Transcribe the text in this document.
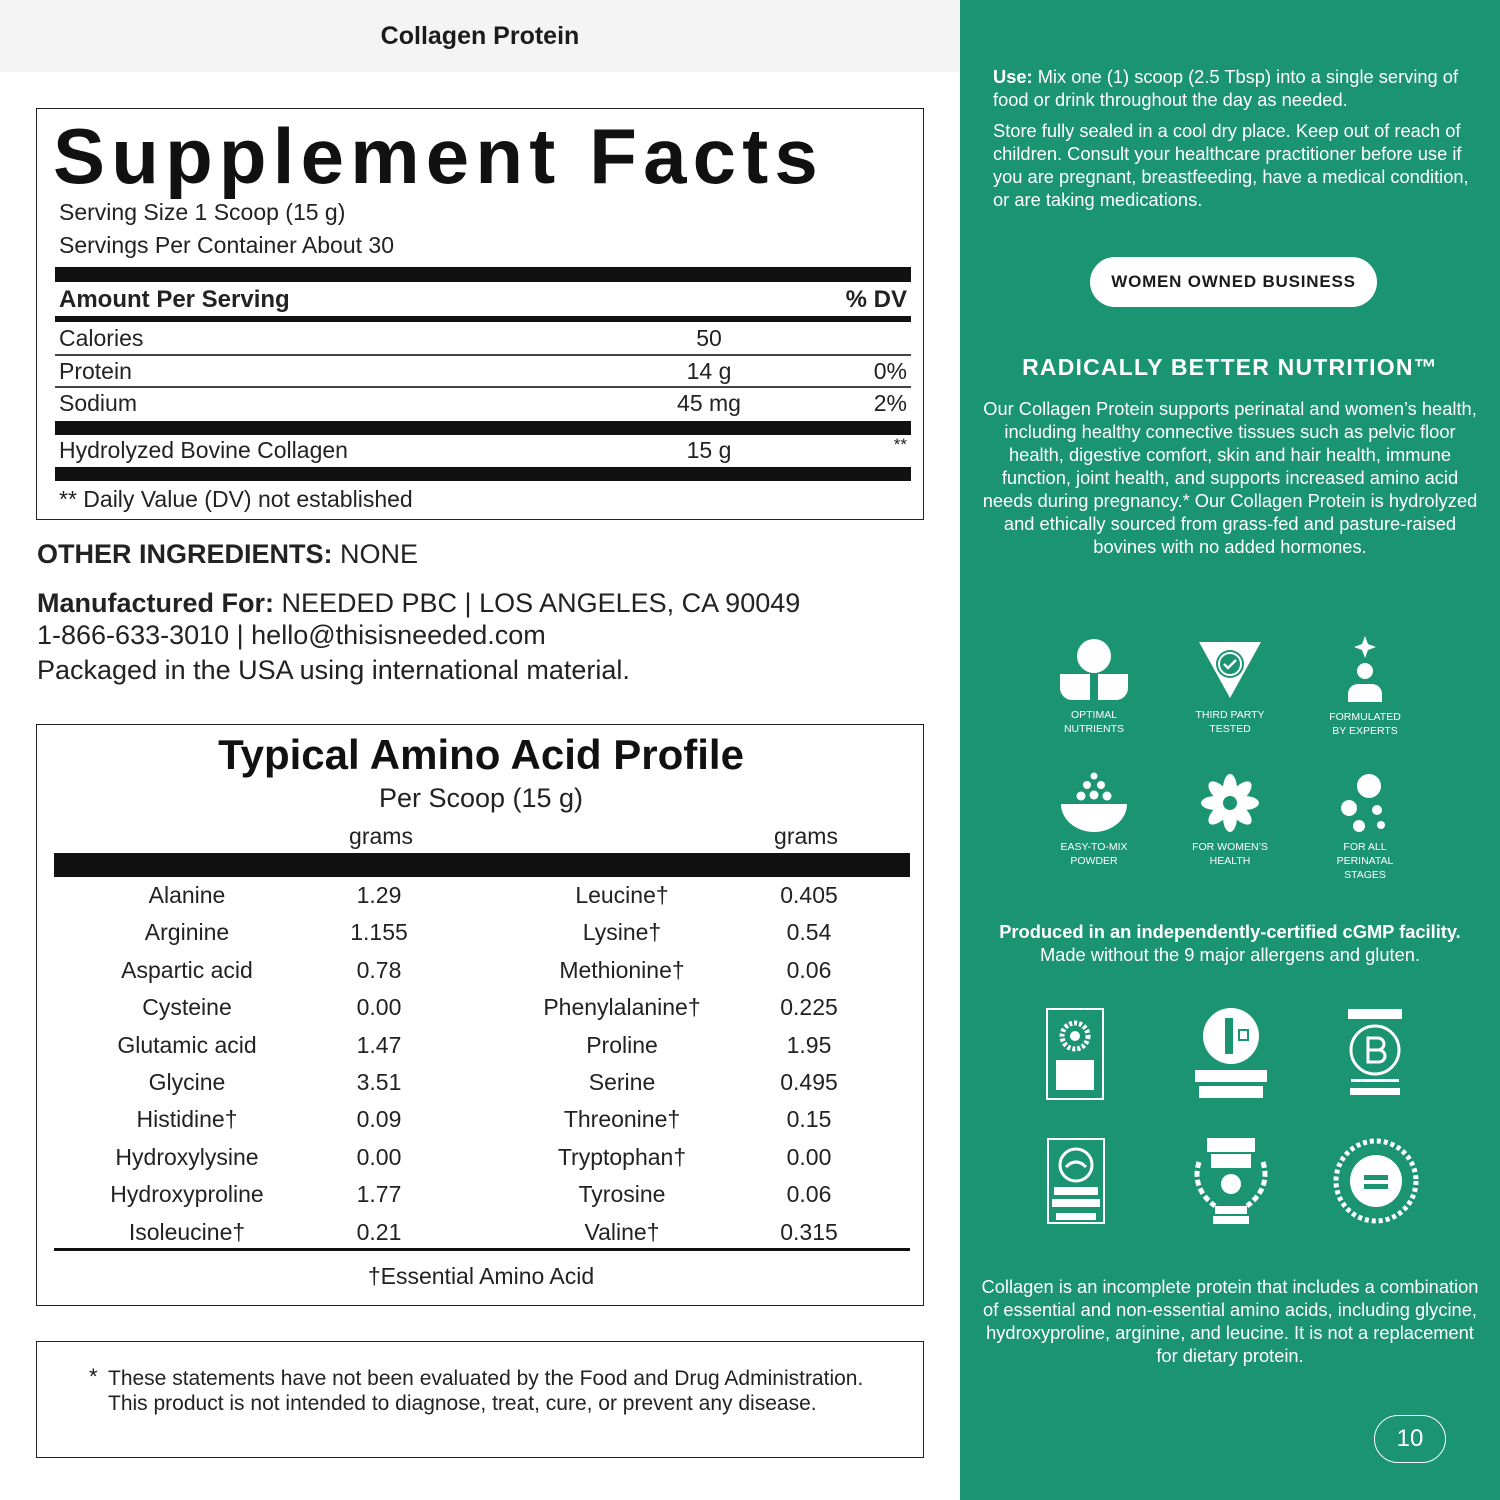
Collagen Protein
Supplement Facts
Serving Size 1 Scoop (15 g)
Servings Per Container About 30
Amount Per Serving	% DV
Calories	50
Protein	14 g	0%
Sodium	45 mg	2%
Hydrolyzed Bovine Collagen	15 g	**
** Daily Value (DV) not established
OTHER INGREDIENTS: NONE
Manufactured For: NEEDED PBC | LOS ANGELES, CA 90049
1-866-633-3010 | hello@thisisneeded.com
Packaged in the USA using international material.
Typical Amino Acid Profile
Per Scoop (15 g)
grams	grams
Alanine	1.29	Leucine†	0.405
Arginine	1.155	Lysine†	0.54
Aspartic acid	0.78	Methionine†	0.06
Cysteine	0.00	Phenylalanine†	0.225
Glutamic acid	1.47	Proline	1.95
Glycine	3.51	Serine	0.495
Histidine†	0.09	Threonine†	0.15
Hydroxylysine	0.00	Tryptophan†	0.00
Hydroxyproline	1.77	Tyrosine	0.06
Isoleucine†	0.21	Valine†	0.315
†Essential Amino Acid
* These statements have not been evaluated by the Food and Drug Administration. This product is not intended to diagnose, treat, cure, or prevent any disease.
Use: Mix one (1) scoop (2.5 Tbsp) into a single serving of food or drink throughout the day as needed.
Store fully sealed in a cool dry place. Keep out of reach of children. Consult your healthcare practitioner before use if you are pregnant, breastfeeding, have a medical condition, or are taking medications.
WOMEN OWNED BUSINESS
RADICALLY BETTER NUTRITION™
Our Collagen Protein supports perinatal and women’s health, including healthy connective tissues such as pelvic floor health, digestive comfort, skin and hair health, immune function, joint health, and supports increased amino acid needs during pregnancy.* Our Collagen Protein is hydrolyzed and ethically sourced from grass-fed and pasture-raised bovines with no added hormones.
OPTIMAL
NUTRIENTS
THIRD PARTY
TESTED
FORMULATED
BY EXPERTS
EASY-TO-MIX
POWDER
FOR WOMEN’S
HEALTH
FOR ALL
PERINATAL
STAGES
Produced in an independently-certified cGMP facility.
Made without the 9 major allergens and gluten.
Collagen is an incomplete protein that includes a combination of essential and non-essential amino acids, including glycine, hydroxyproline, arginine, and leucine. It is not a replacement for dietary protein.
10
